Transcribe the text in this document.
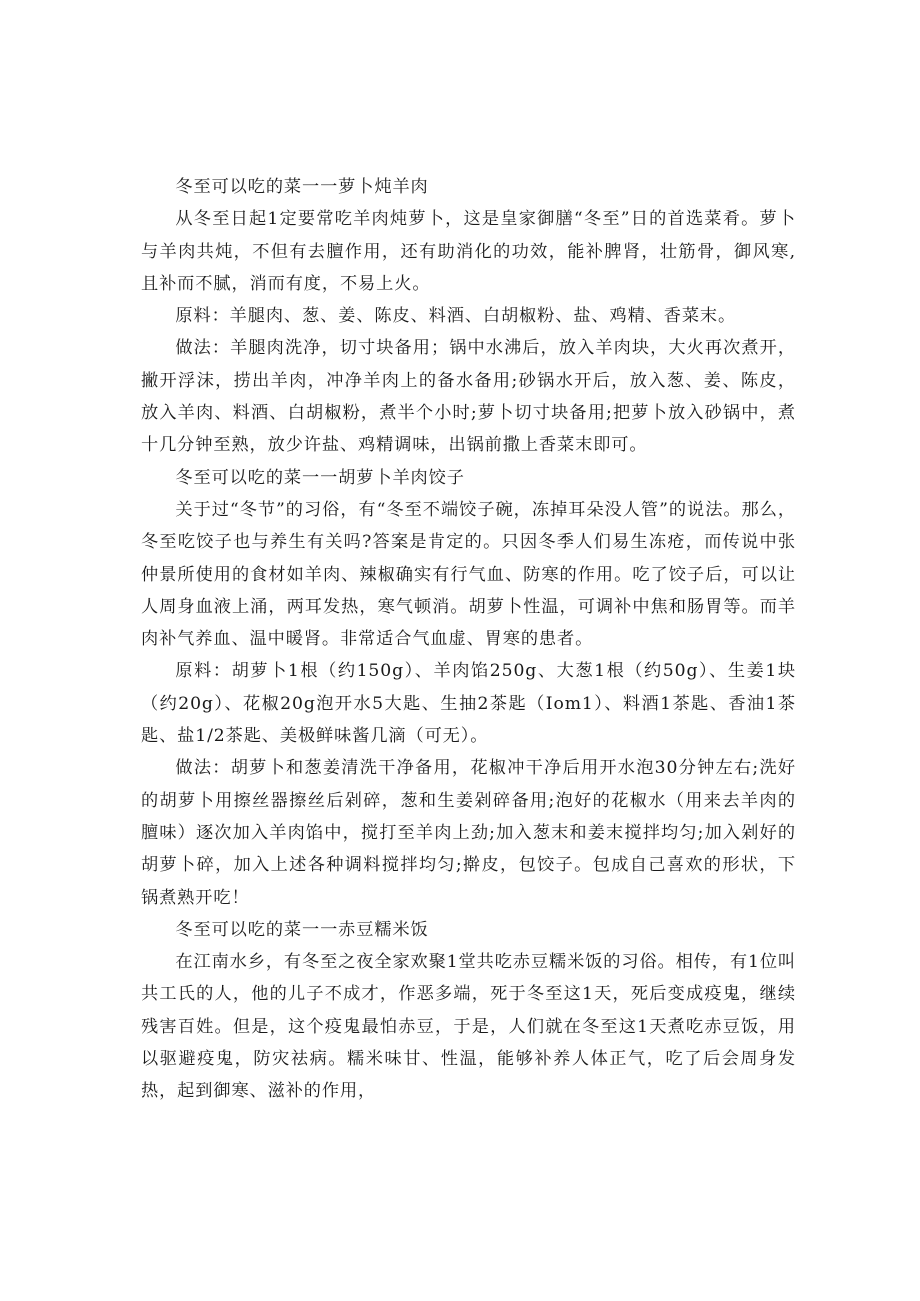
冬至可以吃的菜一一萝卜炖羊肉

从冬至日起1定要常吃羊肉炖萝卜，这是皇家御膳“冬至”日的首选菜肴。萝卜与羊肉共炖，不但有去膻作用，还有助消化的功效，能补脾肾，壮筋骨，御风寒,且补而不腻，消而有度，不易上火。

原料：羊腿肉、葱、姜、陈皮、料酒、白胡椒粉、盐、鸡精、香菜末。

做法：羊腿肉洗净，切寸块备用；锅中水沸后，放入羊肉块，大火再次煮开，撇开浮沫，捞出羊肉，冲净羊肉上的备水备用;砂锅水开后，放入葱、姜、陈皮，放入羊肉、料酒、白胡椒粉，煮半个小时;萝卜切寸块备用;把萝卜放入砂锅中，煮十几分钟至熟，放少许盐、鸡精调味，出锅前撒上香菜末即可。

冬至可以吃的菜一一胡萝卜羊肉饺子

关于过“冬节”的习俗，有“冬至不端饺子碗，冻掉耳朵没人管”的说法。那么，冬至吃饺子也与养生有关吗?答案是肯定的。只因冬季人们易生冻疮，而传说中张仲景所使用的食材如羊肉、辣椒确实有行气血、防寒的作用。吃了饺子后，可以让人周身血液上涌，两耳发热，寒气顿消。胡萝卜性温，可调补中焦和肠胃等。而羊肉补气养血、温中暖肾。非常适合气血虚、胃寒的患者。

原料：胡萝卜1根（约150g）、羊肉馅250g、大葱1根（约50g）、生姜1块（约20g）、花椒20g泡开水5大匙、生抽2茶匙（Iom1）、料酒1茶匙、香油1茶匙、盐1/2茶匙、美极鲜味酱几滴（可无）。

做法：胡萝卜和葱姜清洗干净备用，花椒冲干净后用开水泡30分钟左右;洗好的胡萝卜用擦丝器擦丝后剁碎，葱和生姜剁碎备用;泡好的花椒水（用来去羊肉的膻味）逐次加入羊肉馅中，搅打至羊肉上劲;加入葱末和姜末搅拌均匀;加入剁好的胡萝卜碎，加入上述各种调料搅拌均匀;擀皮，包饺子。包成自己喜欢的形状，下锅煮熟开吃！

冬至可以吃的菜一一赤豆糯米饭

在江南水乡，有冬至之夜全家欢聚1堂共吃赤豆糯米饭的习俗。相传，有1位叫共工氏的人，他的儿子不成才，作恶多端，死于冬至这1天，死后变成疫鬼，继续残害百姓。但是，这个疫鬼最怕赤豆，于是，人们就在冬至这1天煮吃赤豆饭，用以驱避疫鬼，防灾祛病。糯米味甘、性温，能够补养人体正气，吃了后会周身发热，起到御寒、滋补的作用，
